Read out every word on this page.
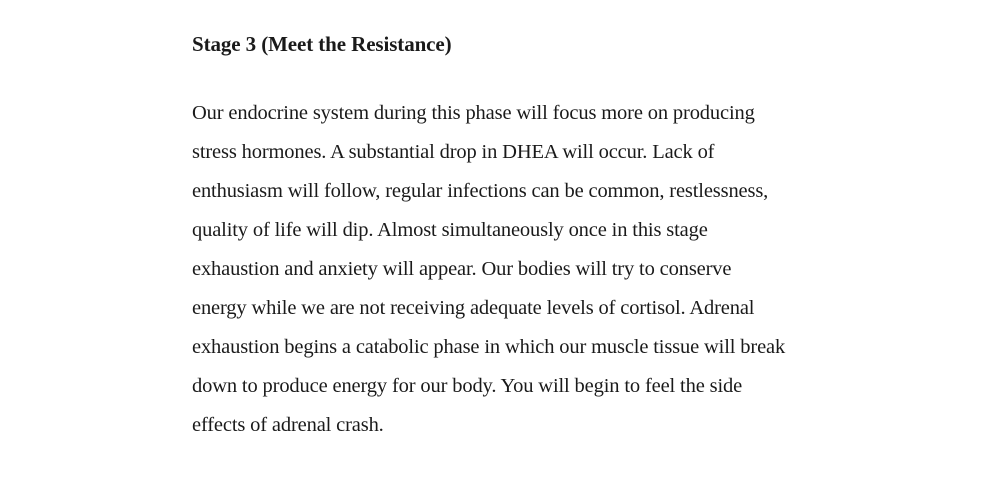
Stage 3 (Meet the Resistance)

Our endocrine system during this phase will focus more on producing
stress hormones. A substantial drop in DHEA will occur. Lack of
enthusiasm will follow, regular infections can be common, restlessness,
quality of life will dip. Almost simultaneously once in this stage
exhaustion and anxiety will appear. Our bodies will try to conserve
energy while we are not receiving adequate levels of cortisol. Adrenal
exhaustion begins a catabolic phase in which our muscle tissue will break
down to produce energy for our body. You will begin to feel the side
effects of adrenal crash.
